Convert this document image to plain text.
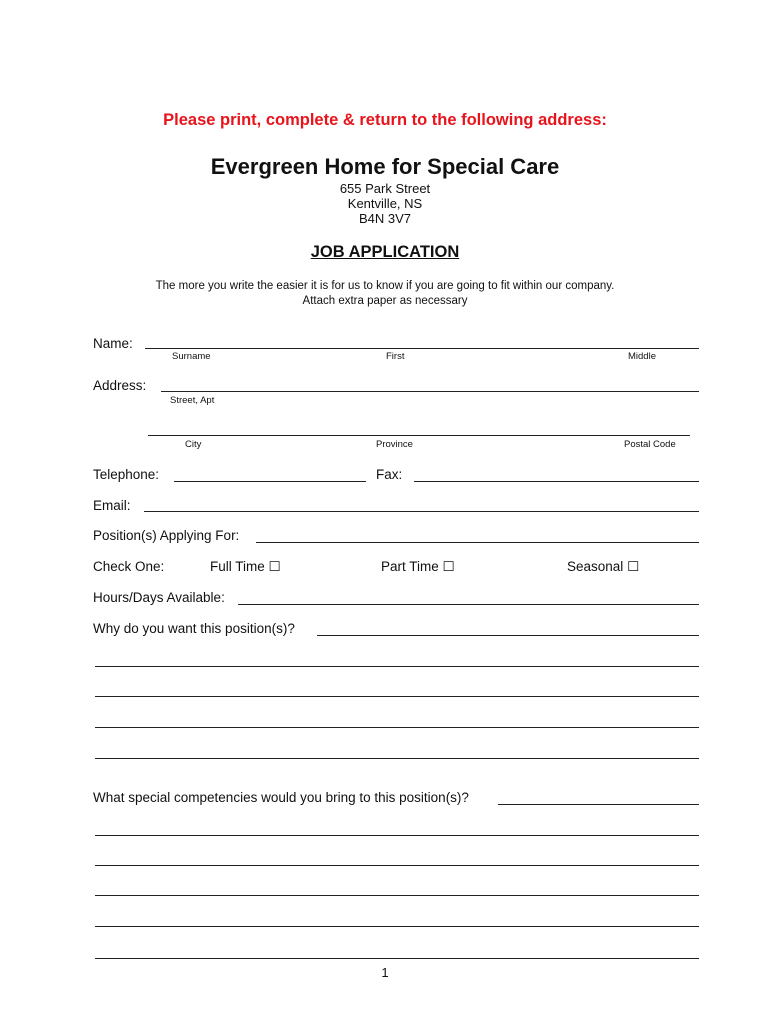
Please print, complete & return to the following address:
Evergreen Home for Special Care
655 Park Street
Kentville, NS
B4N 3V7
JOB APPLICATION
The more you write the easier it is for us to know if you are going to fit within our company.
Attach extra paper as necessary
Name:
Surname	First	Middle
Address:
Street, Apt
City	Province	Postal Code
Telephone:	Fax:
Email:
Position(s) Applying For:
Check One:	Full Time ☐	Part Time ☐	Seasonal ☐
Hours/Days Available:
Why do you want this position(s)?
What special competencies would you bring to this position(s)?
1
